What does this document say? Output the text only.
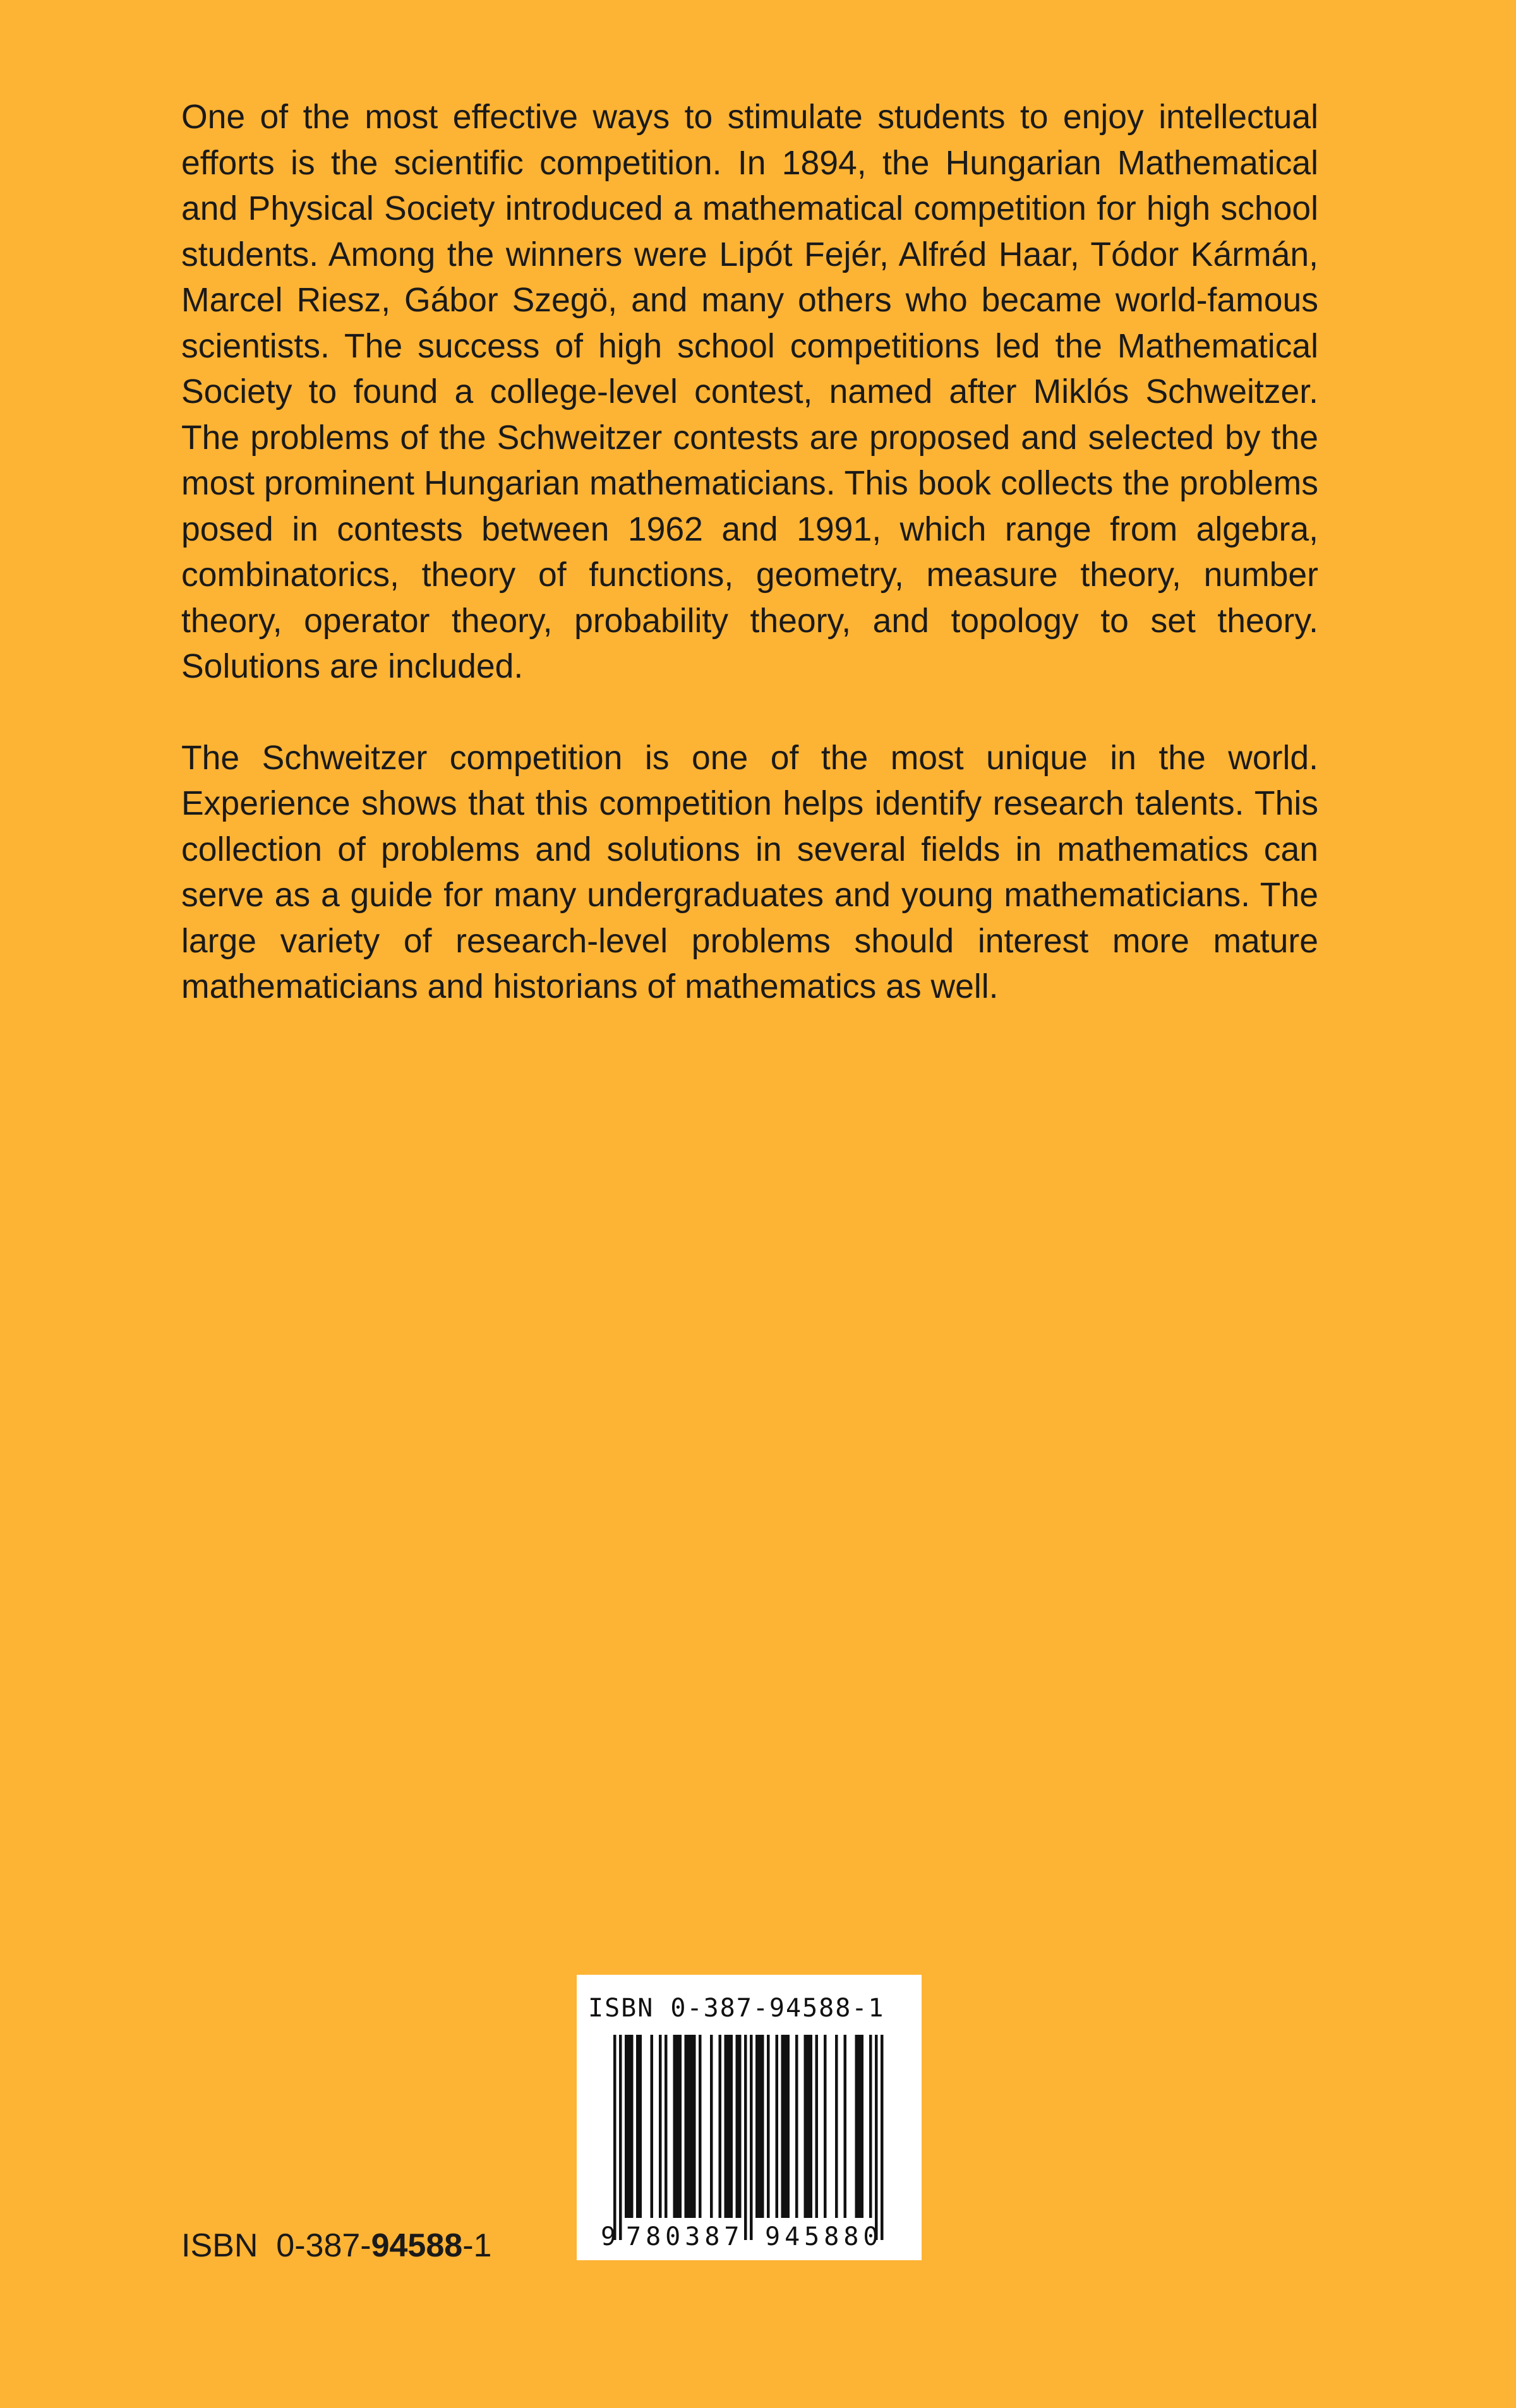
One of the most effective ways to stimulate students to enjoy intellectual efforts is the scientific competition. In 1894, the Hungarian Mathematical and Physical Society introduced a mathematical competition for high school students. Among the winners were Lipót Fejér, Alfréd Haar, Tódor Kármán, Marcel Riesz, Gábor Szegö, and many others who became world-famous scientists. The success of high school competitions led the Mathematical Society to found a college-level contest, named after Miklós Schweitzer. The problems of the Schweitzer contests are proposed and selected by the most prominent Hungarian mathematicians. This book collects the problems posed in contests between 1962 and 1991, which range from algebra, combinatorics, theory of functions, geometry, measure theory, number theory, operator theory, probability theory, and topology to set theory. Solutions are included.

The Schweitzer competition is one of the most unique in the world. Experience shows that this competition helps identify research talents. This collection of problems and solutions in several fields in mathematics can serve as a guide for many undergraduates and young mathematicians. The large variety of research-level problems should interest more mature mathematicians and historians of mathematics as well.

ISBN 0-387-94588-1
9 780387 945880
ISBN 0-387-94588-1
